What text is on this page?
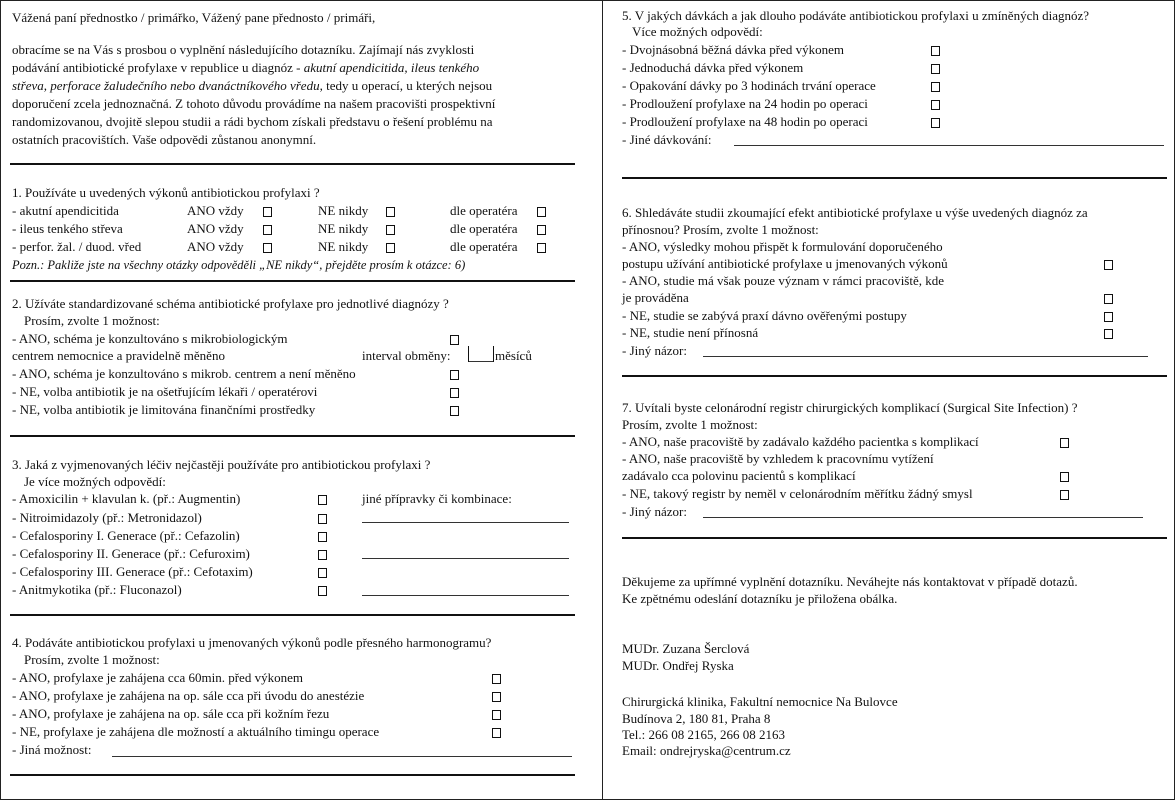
Vážená paní přednostko / primářko, Vážený pane přednosto / primáři,
obracíme se na Vás s prosbou o vyplnění následujícího dotazníku. Zajímají nás zvyklosti
podávání antibiotické profylaxe v republice u diagnóz - akutní apendicitida, ileus tenkého
střeva, perforace žaludečního nebo dvanáctníkového vředu, tedy u operací, u kterých nejsou
doporučení zcela jednoznačná. Z tohoto důvodu provádíme na našem pracovišti prospektivní
randomizovanou, dvojitě slepou studii a rádi bychom získali představu o řešení problému na
ostatních pracovištích. Vaše odpovědi zůstanou anonymní.
1. Používáte u uvedených výkonů antibiotickou profylaxi ?
- akutní apendicitida	ANO vždy	NE nikdy	dle operatéra
- ileus tenkého střeva	ANO vždy	NE nikdy	dle operatéra
- perfor. žal. / duod. vřed	ANO vždy	NE nikdy	dle operatéra
Pozn.: Pakliže jste na všechny otázky odpověděli „NE nikdy“, přejděte prosím k otázce: 6)
2. Užíváte standardizované schéma antibiotické profylaxe pro jednotlivé diagnózy ?
Prosím, zvolte 1 možnost:
- ANO, schéma je konzultováno s mikrobiologickým
centrem nemocnice a pravidelně měněno	interval obměny:	měsíců
- ANO, schéma je konzultováno s mikrob. centrem a není měněno
- NE, volba antibiotik je na ošetřujícím lékaři / operatérovi
- NE, volba antibiotik je limitována finančními prostředky
3. Jaká z vyjmenovaných léčiv nejčastěji používáte pro antibiotickou profylaxi ?
Je více možných odpovědí:
jiné přípravky či kombinace:
- Amoxicilin + klavulan k. (př.: Augmentin)
- Nitroimidazoly (př.: Metronidazol)
- Cefalosporiny I. Generace (př.: Cefazolin)
- Cefalosporiny II. Generace (př.: Cefuroxim)
- Cefalosporiny III. Generace (př.: Cefotaxim)
- Anitmykotika (př.: Fluconazol)
4. Podáváte antibiotickou profylaxi u jmenovaných výkonů podle přesného harmonogramu?
Prosím, zvolte 1 možnost:
- ANO, profylaxe je zahájena cca 60min. před výkonem
- ANO, profylaxe je zahájena na op. sále cca při úvodu do anestézie
- ANO, profylaxe je zahájena na op. sále cca při kožním řezu
- NE, profylaxe je zahájena dle možností a aktuálního timingu operace
- Jiná možnost:
5. V jakých dávkách a jak dlouho podáváte antibiotickou profylaxi u zmíněných diagnóz?
Více možných odpovědí:
- Dvojnásobná běžná dávka před výkonem
- Jednoduchá dávka před výkonem
- Opakování dávky po 3 hodinách trvání operace
- Prodloužení profylaxe na 24 hodin po operaci
- Prodloužení profylaxe na 48 hodin po operaci
- Jiné dávkování:
6. Shledáváte studii zkoumající efekt antibiotické profylaxe u výše uvedených diagnóz za
přínosnou? Prosím, zvolte 1 možnost:
- ANO, výsledky mohou přispět k formulování doporučeného
postupu užívání antibiotické profylaxe u jmenovaných výkonů
- ANO, studie má však pouze význam v rámci pracoviště, kde
je prováděna
- NE, studie se zabývá praxí dávno ověřenými postupy
- NE, studie není přínosná
- Jiný názor:
7. Uvítali byste celonárodní registr chirurgických komplikací (Surgical Site Infection) ?
Prosím, zvolte 1 možnost:
- ANO, naše pracoviště by zadávalo každého pacientka s komplikací
- ANO, naše pracoviště by vzhledem k pracovnímu vytížení
zadávalo cca polovinu pacientů s komplikací
- NE, takový registr by neměl v celonárodním měřítku žádný smysl
- Jiný názor:
Děkujeme za upřímné vyplnění dotazníku. Neváhejte nás kontaktovat v případě dotazů.
Ke zpětnému odeslání dotazníku je přiložena obálka.
MUDr. Zuzana Šerclová
MUDr. Ondřej Ryska
Chirurgická klinika, Fakultní nemocnice Na Bulovce
Budínova 2, 180 81, Praha 8
Tel.: 266 08 2165, 266 08 2163
Email: ondrejryska@centrum.cz
